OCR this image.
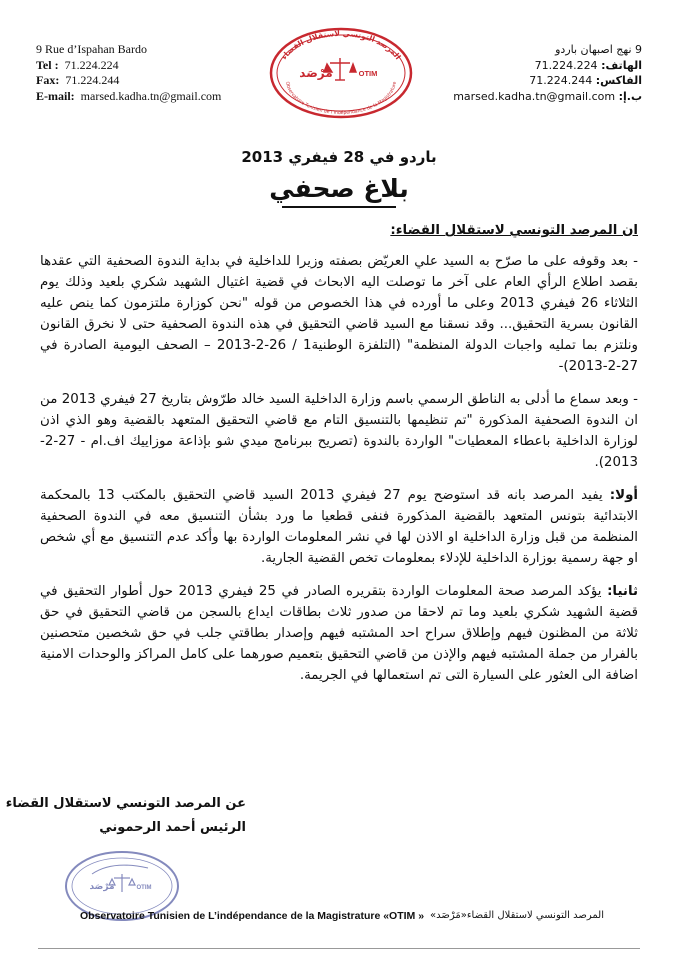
9 Rue d’Ispahan Bardo
Tel : 71.224.224
Fax: 71.224.244
E-mail: marsed.kadha.tn@gmail.com
9 نهج اصبهان باردو
الهاتف: 71.224.224
الفاكس: 71.224.244
ب.إ: marsed.kadha.tn@gmail.com
المرصد التونسي لاستقلال القضاء
Observatoire Tunisien de l’Indépendance de la Magistrature
مَرْصَد	OTIM
باردو في 28 فيفري 2013
بلاغ صحفي

ان المرصد التونسي لاستقلال القضاء:

- بعد وقوفه على ما صرّح به السيد علي العريّض بصفته وزيرا للداخلية في بداية الندوة الصحفية التي عقدها بقصد اطلاع الرأي العام على آخر ما توصلت اليه الابحاث في قضية اغتيال الشهيد شكري بلعيد وذلك يوم الثلاثاء 26 فيفري 2013 وعلى ما أورده في هذا الخصوص من قوله "نحن كوزارة ملتزمون كما ينص عليه القانون بسرية التحقيق... وقد نسقنا مع السيد قاضي التحقيق في هذه الندوة الصحفية حتى لا نخرق القانون ونلتزم بما تمليه واجبات الدولة المنظمة" (التلفزة الوطنية1 / 26-2-2013 – الصحف اليومية الصادرة في 27-2-2013)-

- وبعد سماع ما أدلى به الناطق الرسمي باسم وزارة الداخلية السيد خالد طرّوش بتاريخ 27 فيفري 2013 من ان الندوة الصحفية المذكورة "تم تنظيمها بالتنسيق التام مع قاضي التحقيق المتعهد بالقضية وهو الذي اذن لوزارة الداخلية باعطاء المعطيات" الواردة بالندوة (تصريح ببرنامج ميدي شو بإذاعة موزاييك اف.ام - 27-2-2013).

أولا: يفيد المرصد بانه قد استوضح يوم 27 فيفري 2013 السيد قاضي التحقيق بالمكتب 13 بالمحكمة الابتدائية بتونس المتعهد بالقضية المذكورة فنفى قطعيا ما ورد بشأن التنسيق معه في الندوة الصحفية المنظمة من قبل وزارة الداخلية او الاذن لها في نشر المعلومات الواردة بها وأكد عدم التنسيق مع أي شخص او جهة رسمية بوزارة الداخلية للإدلاء بمعلومات تخص القضية الجارية.

ثانيا: يؤكد المرصد صحة المعلومات الواردة بتقريره الصادر في 25 فيفري 2013 حول أطوار التحقيق في قضية الشهيد شكري بلعيد وما تم لاحقا من صدور ثلاث بطاقات ايداع بالسجن من قاضي التحقيق في حق ثلاثة من المظنون فيهم وإطلاق سراح احد المشتبه فيهم وإصدار بطاقتي جلب في حق شخصين متحصنين بالفرار من جملة المشتبه فيهم والإذن من قاضي التحقيق بتعميم صورهما على كامل المراكز والوحدات الامنية اضافة الى العثور على السيارة التى تم استعمالها في الجريمة.

عن المرصد التونسي لاستقلال القضاء
الرئيس أحمد الرحموني
مَرْصَد	OTIM
Observatoire Tunisien de L’indépendance de la Magistrature «OTIM » المرصد التونسي لاستقلال القضاء«مَرْصَد»
